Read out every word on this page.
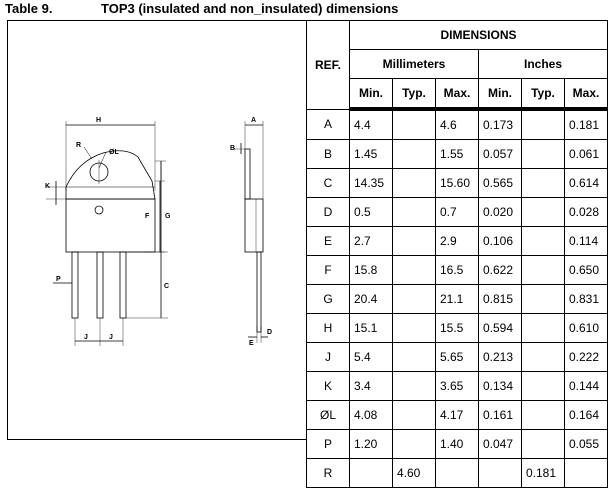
Table 9.	TOP3 (insulated and non_insulated) dimensions
H
R
ØL
K
F G
P
C
J	J
A
B
D
E
REF.	DIMENSIONS					
	Millimeters			Inches		
	Min.	Typ.	Max.	Min.	Typ.	Max.
A	4.4		4.6	0.173		0.181
B	1.45		1.55	0.057		0.061
C	14.35		15.60	0.565		0.614
D	0.5		0.7	0.020		0.028
E	2.7		2.9	0.106		0.114
F	15.8		16.5	0.622		0.650
G	20.4		21.1	0.815		0.831
H	15.1		15.5	0.594		0.610
J	5.4		5.65	0.213		0.222
K	3.4		3.65	0.134		0.144
ØL	4.08		4.17	0.161		0.164
P	1.20		1.40	0.047		0.055
R		4.60			0.181	
